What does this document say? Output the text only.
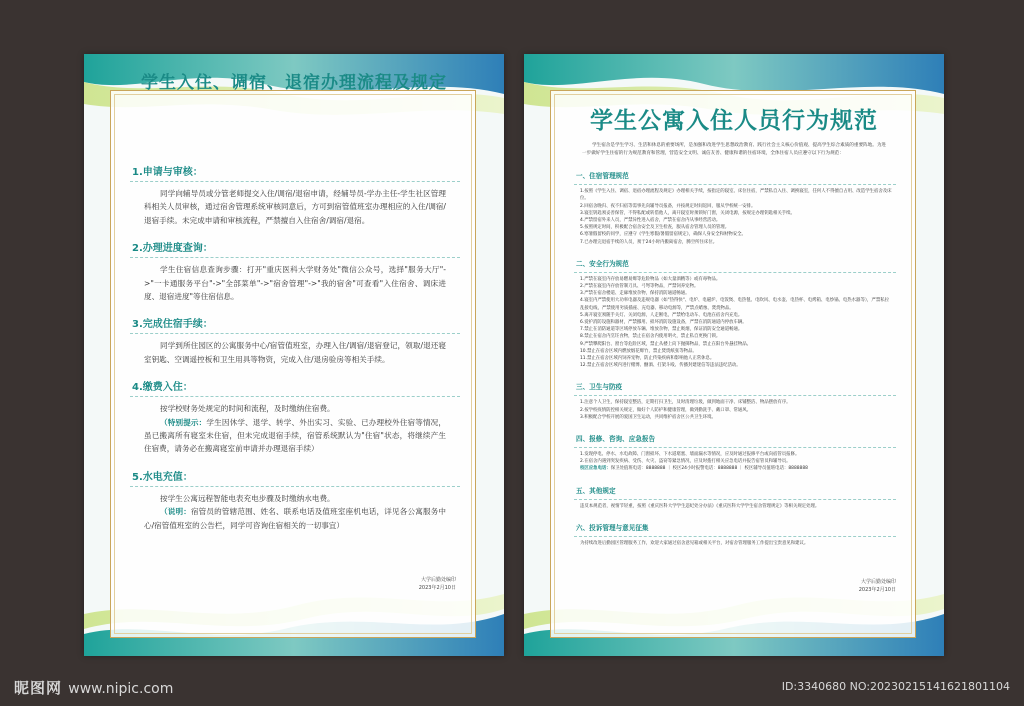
学生入住、调宿、退宿办理流程及规定
1.申请与审核：

同学向辅导员或分管老师提交入住/调宿/退宿申请，经辅导员-学办主任-学生社区管理科相关人员审核，通过宿舍管理系统审核同意后，方可到宿管值班室办理相应的入住/调宿/退宿手续。未完成申请和审核流程，严禁擅自入住宿舍/调宿/退宿。

2.办理进度查询：

学生住宿信息查询步骤：打开"重庆医科大学财务处"微信公众号，选择"服务大厅"->"一卡通服务平台"->"全部菜单"->"宿舍管理"->"我的宿舍"可查看"入住宿舍、调床进度、退宿进度"等住宿信息。

3.完成住宿手续：

同学到所住园区的公寓服务中心/宿管值班室，办理入住/调宿/退宿登记，领取/退还寝室钥匙、空调遥控板和卫生用具等物资，完成入住/退房验房等相关手续。

4.缴费入住：

按学校财务处规定的时间和流程，及时缴纳住宿费。

（特别提示：学生因休学、退学、转学、外出实习、实验、已办理校外住宿等情况，虽已搬离所有寝室未住宿，但未完成退宿手续，宿管系统默认为"住宿"状态，将继续产生住宿费，请务必在搬离寝室前申请并办理退宿手续）

5.水电充值：

按学生公寓远程智能电表充电步骤及时缴纳水电费。

（说明：宿管员的管辖范围、姓名、联系电话及值班室座机电话，详见各公寓服务中心/宿管值班室的公告栏，同学可咨询住宿相关的一切事宜）

大学后勤处编印
2023年2月10日
学生公寓入住人员行为规范

学生宿舍是学生学习、生活和休息的重要场所，是加强和改进学生思想政治教育、践行社会主义核心价值观、提高学生综合素质的重要阵地。为进一步做好学生住宿的行为规范教育和管理，营造安全文明、诚信友善、健康和谐的住宿环境，全体住宿人员应遵守以下行为规范：

一、住宿管理规范
1.按照《学生入住、调宿、退宿办理流程及规定》办理相关手续，按指定的寝室、床位住宿，严禁私自入住、调换寝室，任何人不得擅自占用、改造学生宿舍及床位。
2.回宿舍晚归、夜不归宿等需事先向辅导员报备，并按规定时间返回，服从学校统一安排。
3.寝室钥匙须妥善保管，不得私配或转借他人，离开寝室时须锁好门窗，关闭电源，按规定办理钥匙相关手续。
4.严禁留宿外来人员，严禁异性进入宿舍，严禁在宿舍内从事经营活动。
5.按照规定时间，积极配合宿舍安全及卫生检查，服从宿舍管理人员的管理。
6.寒暑假留校的同学，应遵守《学生寒假/暑假留宿规定》，确保人身安全和财物安全。
7.已办理完退宿手续的人员，须于24小时内搬离宿舍，腾空所住床位。
二、安全行为规范
1.严禁在寝室内存放易燃易爆等危险物品（如大量酒精等）或有毒物品。
2.严禁在寝室内存放管制刀具、弓弩等物品，严禁饲养宠物。
3.严禁在宿舍楼道、走廊堆放杂物，保持消防通道畅通。
4.寝室内严禁使用大功率电器及违规电器（如"热得快"、电炉、电磁炉、电饭煲、电热毯、电吹风、电水壶、电热杯、电烤箱、电炒锅、电热水器等），严禁私拉乱接电线，严禁使用劣质插座、充电器、移动电源等，严禁点蜡烛、焚烧物品。
5.离开寝室须随手关灯、关闭电源，人走断电，严禁给电动车、电池在宿舍内充电。
6.爱护消防设施和器材，严禁挪用、损坏消防设施设备，严禁在消防通道内停放车辆。
7.禁止在消防通道等区域停放车辆、堆放杂物，禁止吸烟，保证消防安全通道畅通。
8.禁止在宿舍内烹饪食物，禁止在宿舍内使用明火，禁止私自更换门锁。
9.严禁攀爬阳台、窗台等危险区域，禁止从楼上向下抛掷物品，禁止在阳台外悬挂物品。
10.禁止在宿舍区域内燃放烟花爆竹，禁止焚烧纸张等物品。
11.禁止在宿舍区域内饲养宠物，防止传染疾病和影响他人正常休息。
12.禁止在宿舍区域内进行赌博、酗酒、打架斗殴、传播封建迷信等违法违纪活动。
三、卫生与防疫
1.注意个人卫生，保持寝室整洁，定期打扫卫生，及时清理垃圾，做到地面干净、床铺整洁、物品摆放有序。
2.按学校疫情防控相关规定，做好个人防护和健康管理，做到勤洗手、戴口罩、常通风。
3.积极配合学校开展的爱国卫生运动，共同维护宿舍区公共卫生环境。
四、报修、咨询、应急报告
1.发现停电、停水、水电故障、门窗损坏、下水道堵塞、墙面漏水等情况，应及时通过报修平台或向宿管员报修。
2.在宿舍内遇到突发疾病、受伤、火灾、盗窃等紧急情况，应及时拨打相关应急电话并报告宿管员和辅导员。
校区应急电话：保卫处值班电话：8888888 ｜ 校区24小时报警电话：8888888 ｜ 校区辅导员值班电话：8888888
五、其他规定
违反本规范者，视情节轻重，按照《重庆医科大学学生违纪处分办法》《重庆医科大学学生宿舍管理规定》等相关规定处理。
六、投诉管理与意见征集
为持续改进后勤园区管理服务工作，欢迎大家通过宿舍意见箱或相关平台，对宿舍管理服务工作提出宝贵意见和建议。
大学后勤处编印
2023年2月10日
昵图网 www.nipic.com	ID:3340680 NO:20230215141621801104
